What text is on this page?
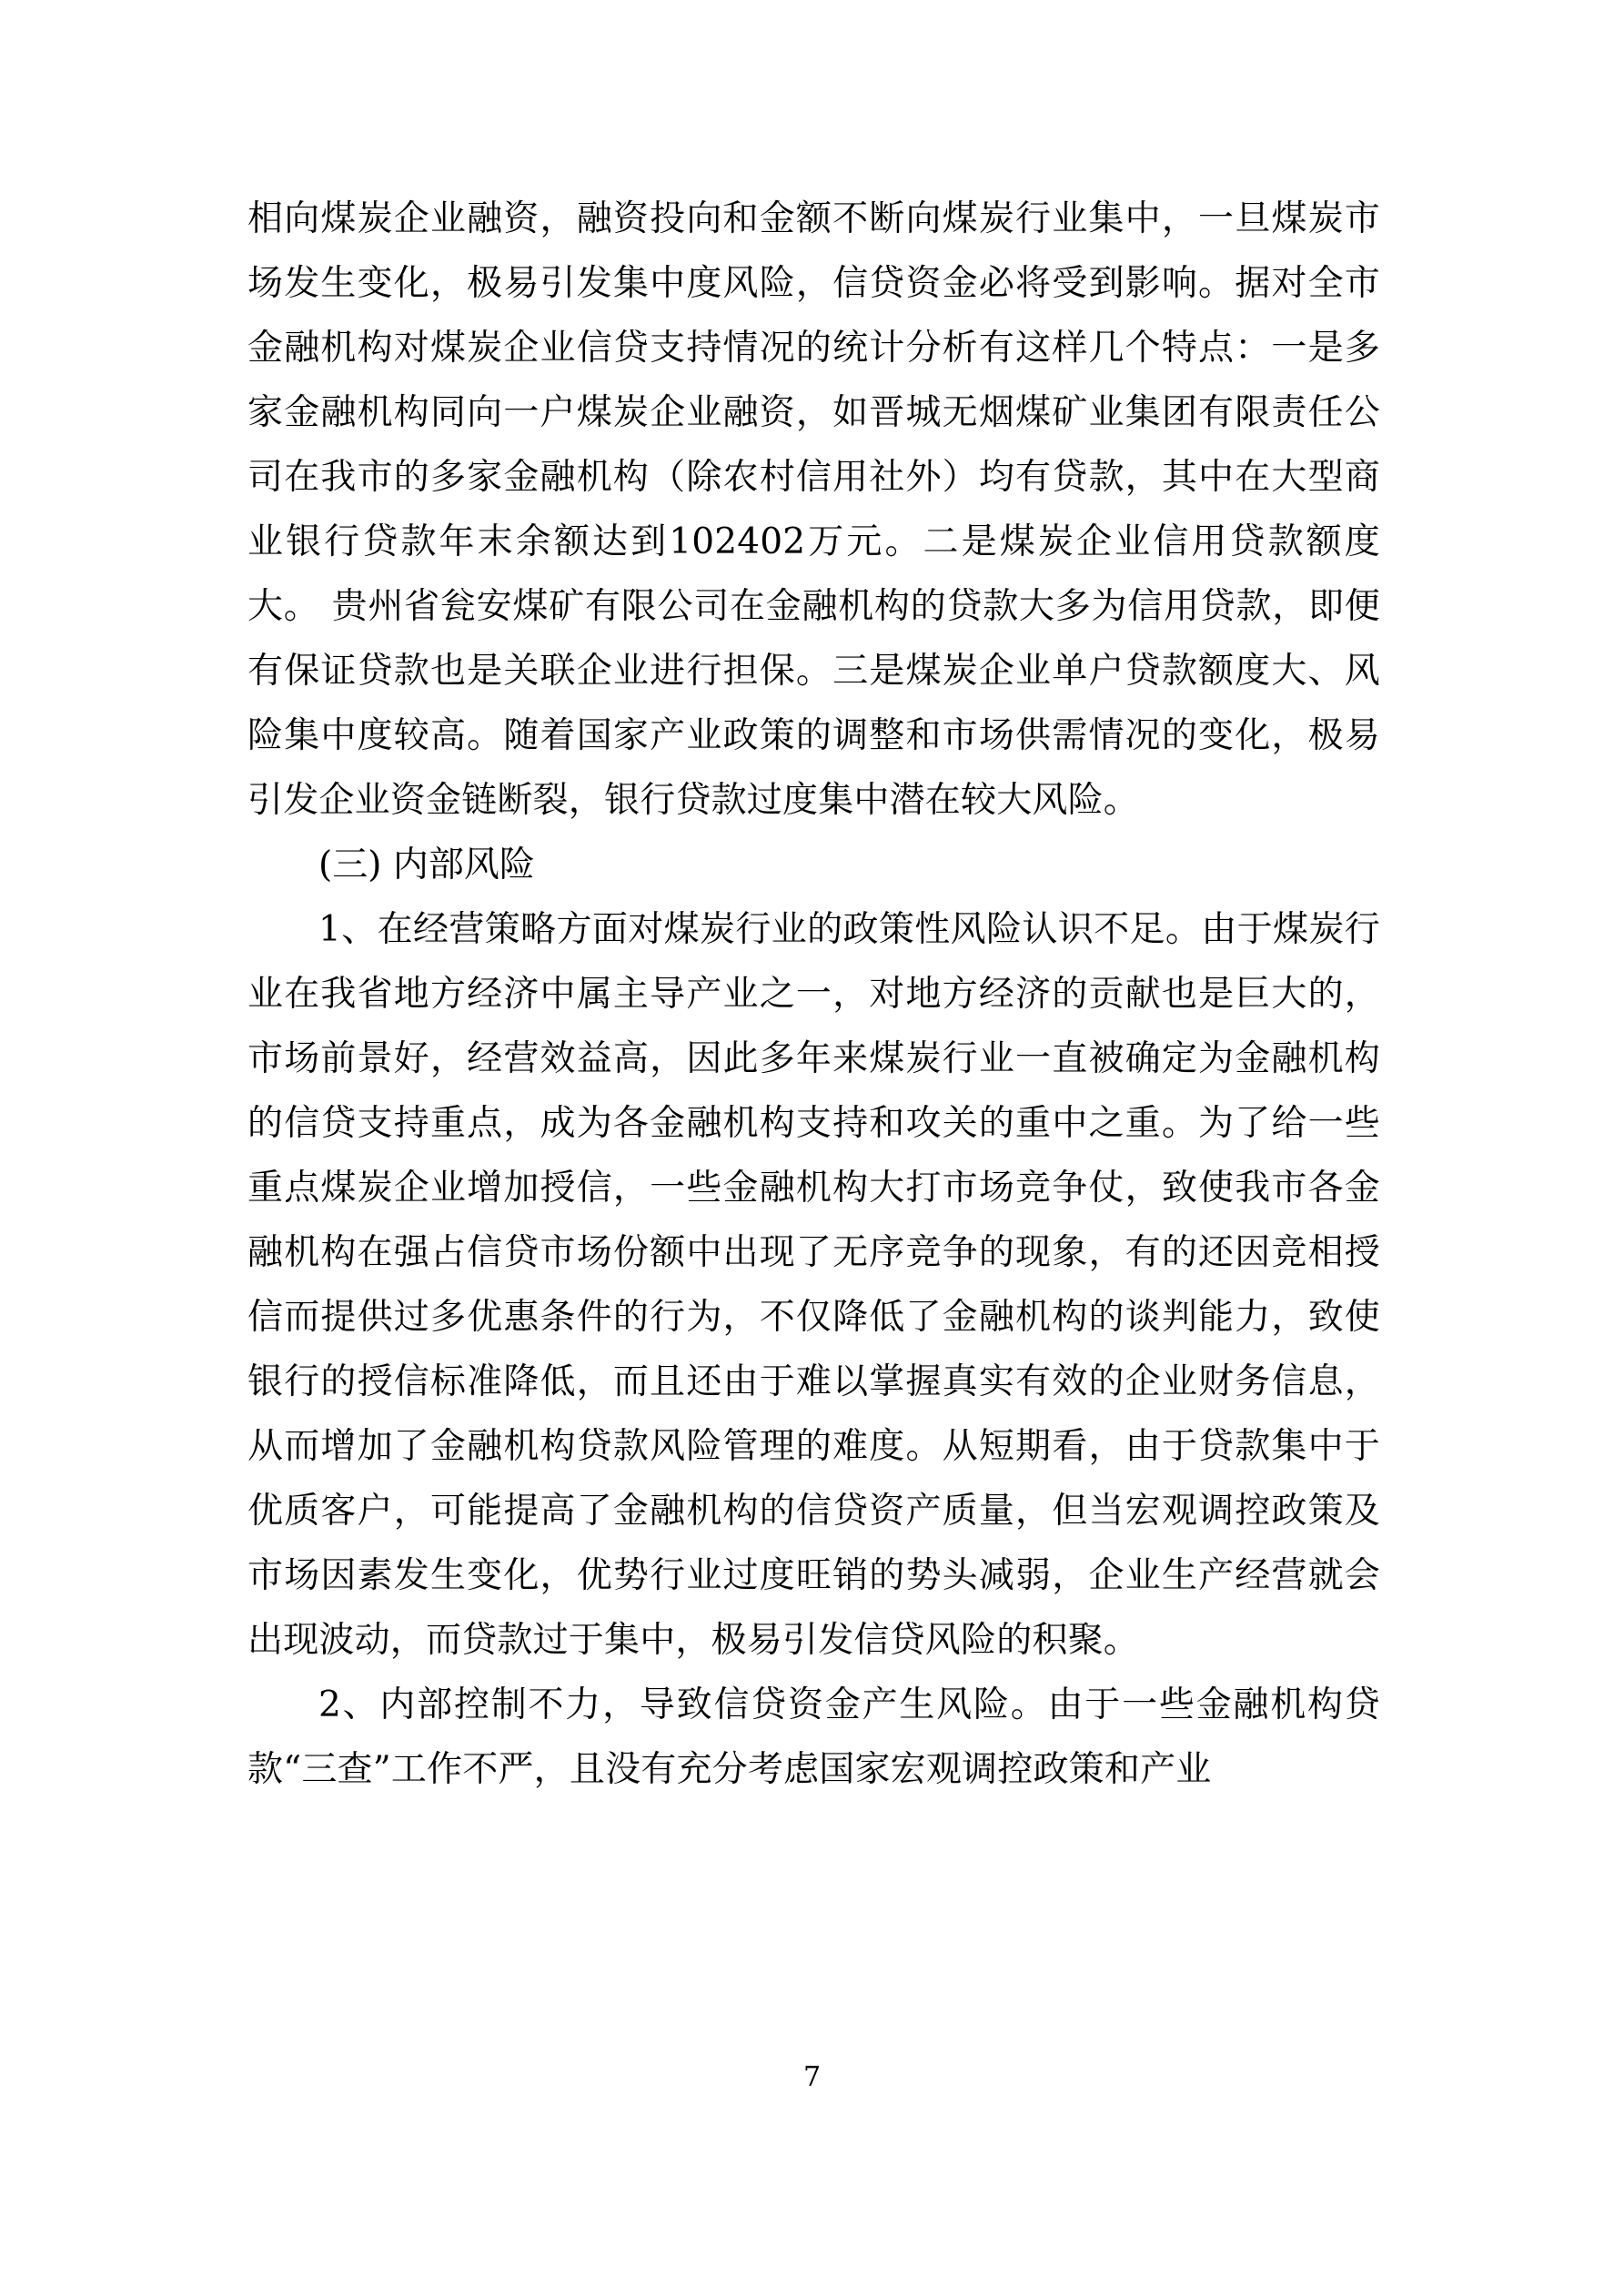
相向煤炭企业融资，融资投向和金额不断向煤炭行业集中，一旦煤炭市场发生变化，极易引发集中度风险，信贷资金必将受到影响。据对全市金融机构对煤炭企业信贷支持情况的统计分析有这样几个特点：一是多家金融机构同向一户煤炭企业融资，如晋城无烟煤矿业集团有限责任公司在我市的多家金融机构（除农村信用社外）均有贷款，其中在大型商业银行贷款年末余额达到102402万元。二是煤炭企业信用贷款额度大。 贵州省瓮安煤矿有限公司在金融机构的贷款大多为信用贷款，即便有保证贷款也是关联企业进行担保。三是煤炭企业单户贷款额度大、风险集中度较高。随着国家产业政策的调整和市场供需情况的变化，极易引发企业资金链断裂，银行贷款过度集中潜在较大风险。

(三) 内部风险

1、在经营策略方面对煤炭行业的政策性风险认识不足。由于煤炭行业在我省地方经济中属主导产业之一，对地方经济的贡献也是巨大的，市场前景好，经营效益高，因此多年来煤炭行业一直被确定为金融机构的信贷支持重点，成为各金融机构支持和攻关的重中之重。为了给一些重点煤炭企业增加授信，一些金融机构大打市场竞争仗，致使我市各金融机构在强占信贷市场份额中出现了无序竞争的现象，有的还因竞相授信而提供过多优惠条件的行为，不仅降低了金融机构的谈判能力，致使银行的授信标准降低，而且还由于难以掌握真实有效的企业财务信息，从而增加了金融机构贷款风险管理的难度。从短期看，由于贷款集中于优质客户，可能提高了金融机构的信贷资产质量，但当宏观调控政策及市场因素发生变化，优势行业过度旺销的势头减弱，企业生产经营就会出现波动，而贷款过于集中，极易引发信贷风险的积聚。

2、内部控制不力，导致信贷资金产生风险。由于一些金融机构贷款“三查”工作不严，且没有充分考虑国家宏观调控政策和产业

7
